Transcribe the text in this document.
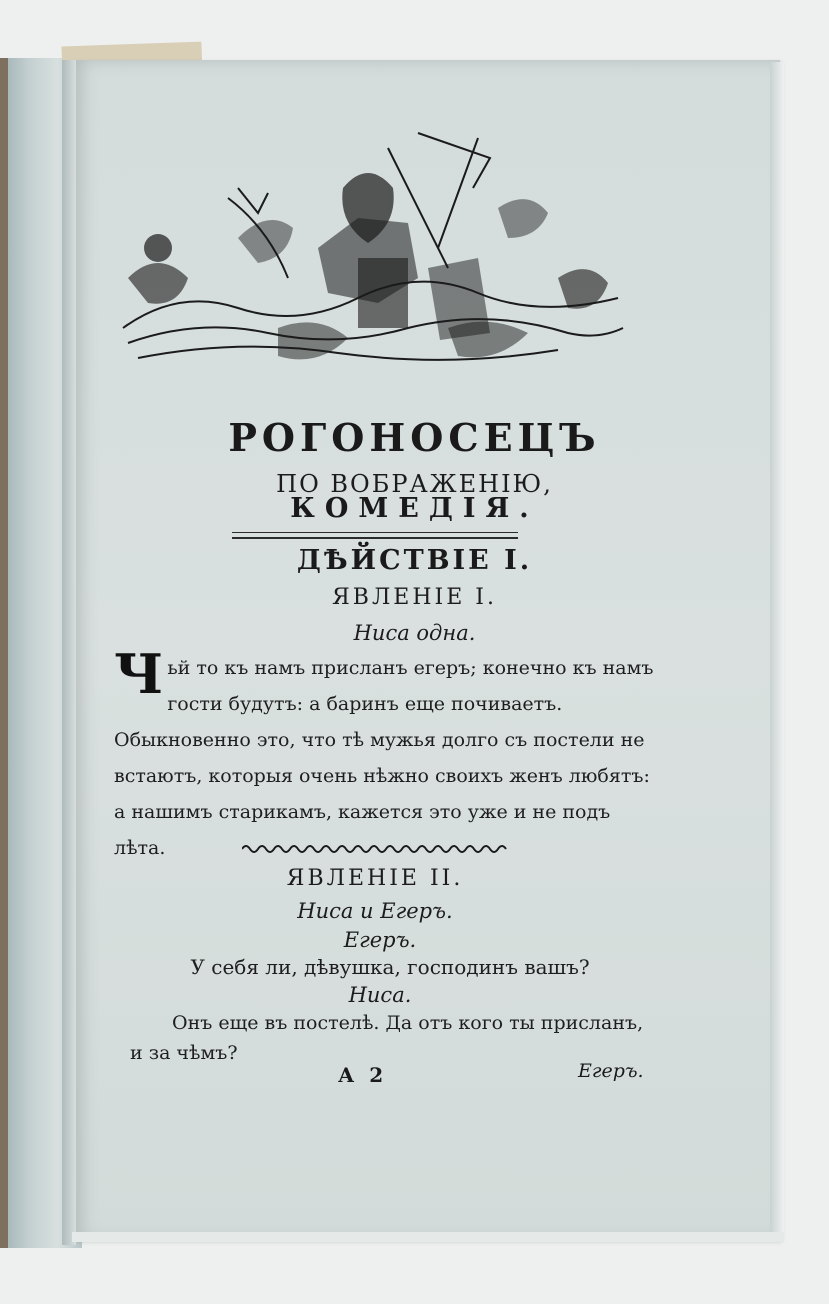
РОГОНОСЕЦЪ
ПО ВОБРАЖЕНІЮ,
КОМЕДІЯ.
ДѢЙСТВІЕ I.
ЯВЛЕНІЕ I.
Ниса одна.
Ч ьй то къ намъ присланъ егеръ; конечно къ намъ гости будутъ: а баринъ еще почиваетъ. Обыкновенно это, что тѣ мужья долго съ постели не встаютъ, которыя очень нѣжно своихъ женъ любятъ: а нашимъ старикамъ, кажется это уже и не подъ лѣта.
ЯВЛЕНІЕ II.
Ниса и Егеръ.
Егеръ.
У себя ли, дѣвушка, господинъ вашъ?
Ниса.
Онъ еще въ постелѣ. Да отъ кого ты присланъ, и за чѣмъ?
А 2	Егеръ.
